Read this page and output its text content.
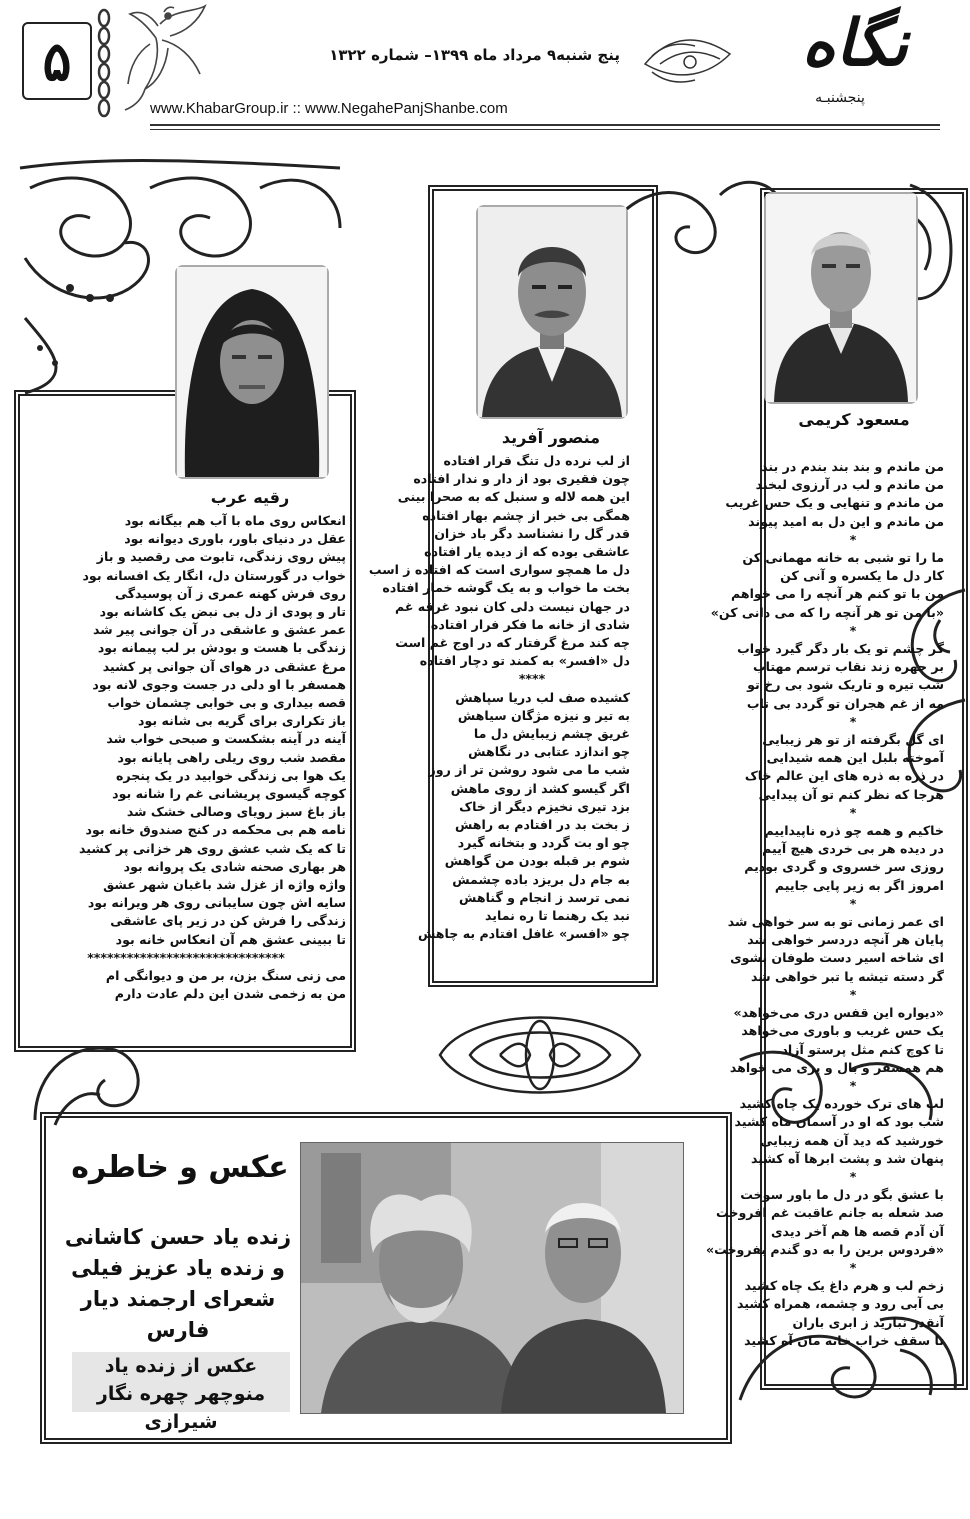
۵	پنج شنبه۹ مرداد ماه ۱۳۹۹– شماره ۱۳۲۲
www.KhabarGroup.ir :: www.NegahePanjShanbe.com
نگاه
پنجشنبـه
مسعود کریمی
من ماندم و بند بند بندم در بند
من ماندم و لب در آرزوی لبخند
من ماندم و تنهایی و یک حس غریب
من ماندم و این دل به امید پیوند
*
ما را تو شبی به خانه مهمانی کن
کار دل ما یکسره و آنی کن
من با تو کنم هر آنچه را می خواهم
«با من تو هر آنچه را که می دانی کن»
*
گر چشم تو یک بار دگر گیرد خواب
بر چهره زند نقاب ترسم مهتاب
شب تیره و تاریک شود بی رخ تو
مه از غم هجران تو گردد بی تاب
*
ای گل بگرفته از تو هر زیبایی
آموخته بلبل این همه شیدایی
در ذره به ذره های این عالم خاک
هرجا که نظر کنم تو آن پیدایی
*
خاکیم و همه چو ذره ناپیداییم
در دیده هر بی خردی هیچ آییم
روزی سر خسروی و گردی بودیم
امروز اگر به زیر پایی جاییم
*
ای عمر زمانی تو به سر خواهی شد
پایان هر آنچه دردسر خواهی شد
ای شاخه اسیر دست طوفان بشوی
گر دسته تیشه یا تبر خواهی شد
*
«دیواره این قفس دری می‌خواهد»
یک حس غریب و باوری می‌خواهد
تا کوچ کنم مثل پرستو آزاد
هم همسفر و بال و پری می خواهد
*
لب های ترک خورده یک چاه کشید
شب بود که او در آسمان ماه کشید
خورشید که دید آن همه زیبایی
پنهان شد و پشت ابرها آه کشید
*
با عشق بگو در دل ما باور سوخت
صد شعله به جانم عاقبت غم افروخت
آن آدم قصه ها هم آخر دیدی
«فردوس برین را به دو گندم بفروخت»
*
زخم لب و هرم داغ یک چاه کشید
بی آبی رود و چشمه، همراه کشید
آنقدر نبارید ز ابری باران
تا سقف خراب خانه مان آه کشید
منصور آفرید
از لب نرده دل تنگ قرار افتاده
چون فقیری بود از دار و ندار افتاده
این همه لاله و سنبل که به صحرا بینی
همگی بی خبر از چشم بهار افتاده
قدر گل را نشناسد دگر باد خزان
عاشقی بوده که از دیده یار افتاده
دل ما همچو سواری است که افتاده ز اسب
بخت ما خواب و به یک گوشه خمار افتاده
در جهان نیست دلی کان نبود غرقه غم
شادی از خانه ما فکر فرار افتاده
چه کند مرغ گرفتار که در اوج غم است
دل «افسر» به کمند تو دچار افتاده
****
کشیده صف لب دریا سپاهش
به تیر و نیزه مژگان سیاهش
غریق چشم زیبایش دل ما
چو اندازد عتابی در نگاهش
شب ما می شود روشن تر از روز
اگر گیسو کشد از روی ماهش
بزد تیری نخیزم دیگر از خاک
ز بخت بد در افتادم به راهش
چو او بت گردد و بتخانه گیرد
شوم بر قبله بودن من گواهش
به جام دل بریزد باده چشمش
نمی ترسد ز انجام و گناهش
نبد یک رهنما تا ره نماید
چو «افسر» غافل افتادم به چاهش
رقیه عرب
انعکاس روی ماه با آب هم بیگانه بود
عقل در دنیای باور، باوری دیوانه بود
پیش روی زندگی، تابوت می رقصید و باز
خواب در گورستان دل، انگار یک افسانه بود
روی فرش کهنه عمری ز آن پوسیدگی
تار و پودی از دل بی نبض یک کاشانه بود
عمر عشق و عاشقی در آن جوانی پیر شد
زندگی با هست و بودش بر لب پیمانه بود
مرغ عشقی در هوای آن جوانی پر کشید
همسفر با او دلی در جست وجوی لانه بود
قصه بیداری و بی خوابی چشمان خواب
باز تکراری برای گریه بی شانه بود
آینه در آینه بشکست و صبحی خواب شد
مقصد شب روی ریلی راهی پایانه بود
یک هوا بی زندگی خوابید در یک پنجره
کوچه گیسوی پریشانی غم را شانه بود
باز باغ سبز رویای وصالی خشک شد
نامه هم بی محکمه در کنج صندوق خانه بود
تا که یک شب عشق روی هر خزانی پر کشید
هر بهاری صحنه شادی یک پروانه بود
واژه واژه از غزل شد باغبان شهر عشق
سایه اش چون سایبانی روی هر ویرانه بود
زندگی را فرش کن در زیر پای عاشقی
تا ببینی عشق هم آن انعکاس خانه بود
******************************
می زنی سنگ بزن، بر من و دیوانگی ام
من به زخمی شدن این دلم عادت دارم
عکس و خاطره
زنده یاد حسن کاشانی
و زنده یاد عزیز فیلی
شعرای ارجمند دیار
فارس
عکس از زنده یاد
منوچهر چهره نگار شیرازی
